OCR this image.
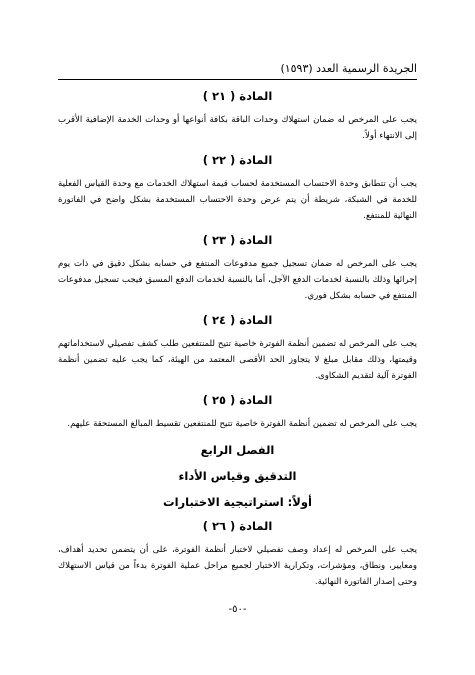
الجريدة الرسمية العدد (١٥٩٣)
المادة ( ٢١ )

يجب على المرخص له ضمان استهلاك وحدات الباقة بكافة أنواعها أو وحدات الخدمة الإضافية الأقرب إلى الانتهاء أولاً.

المادة ( ٢٢ )

يجب أن تتطابق وحدة الاحتساب المستخدمة لحساب قيمة استهلاك الخدمات مع وحدة القياس الفعلية للخدمة في الشبكة، شريطة أن يتم عرض وحدة الاحتساب المستخدمة بشكل واضح في الفاتورة النهائية للمنتفع.

المادة ( ٢٣ )

يجب على المرخص له ضمان تسجيل جميع مدفوعات المنتفع في حسابه بشكل دقيق في ذات يوم إجرائها وذلك بالنسبة لخدمات الدفع الآجل، أما بالنسبة لخدمات الدفع المسبق فيجب تسجيل مدفوعات المنتفع في حسابه بشكل فوري.

المادة ( ٢٤ )

يجب على المرخص له تضمين أنظمة الفوترة خاصية تتيح للمنتفعين طلب كشف تفصيلي لاستخداماتهم وقيمتها، وذلك مقابل مبلغ لا يتجاوز الحد الأقصى المعتمد من الهيئة، كما يجب عليه تضمين أنظمة الفوترة آلية لتقديم الشكاوى.

المادة ( ٢٥ )

يجب على المرخص له تضمين أنظمة الفوترة خاصية تتيح للمنتفعين تقسيط المبالغ المستحقة عليهم.

الفصل الرابع
التدقيق وقياس الأداء
أولاً: استراتيجية الاختبارات
المادة ( ٢٦ )

يجب على المرخص له إعداد وصف تفصيلي لاختبار أنظمة الفوترة، على أن يتضمن تحديد أهداف، ومعايير، ونطاق، ومؤشرات، وتكرارية الاختبار لجميع مراحل عملية الفوترة بدءاً من قياس الاستهلاك وحتى إصدار الفاتورة النهائية.

-٥٠-
